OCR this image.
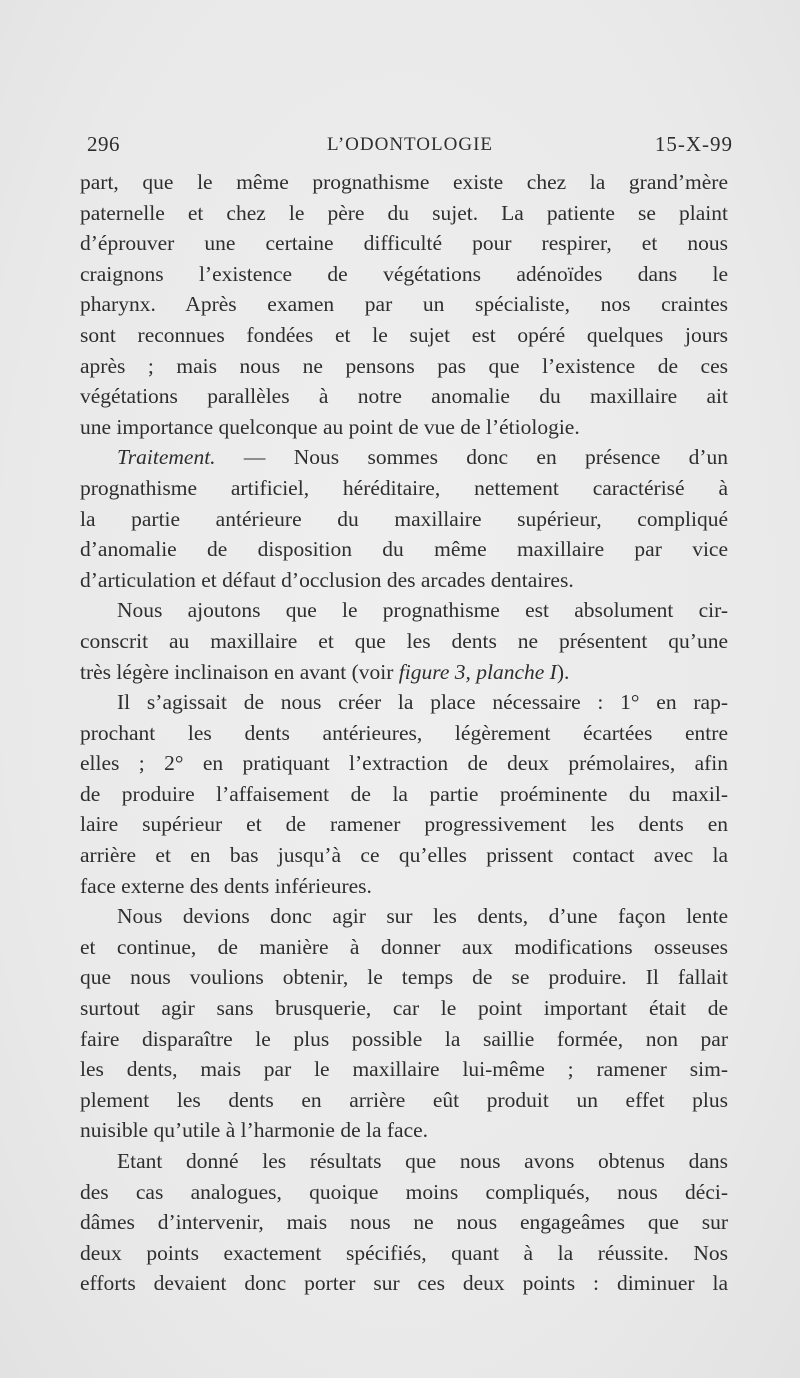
296	L’ODONTOLOGIE	15-X-99
part, que le même prognathisme existe chez la grand’mère
paternelle et chez le père du sujet. La patiente se plaint
d’éprouver une certaine difficulté pour respirer, et nous
craignons l’existence de végétations adénoïdes dans le
pharynx. Après examen par un spécialiste, nos craintes
sont reconnues fondées et le sujet est opéré quelques jours
après ; mais nous ne pensons pas que l’existence de ces
végétations parallèles à notre anomalie du maxillaire ait
une importance quelconque au point de vue de l’étiologie.
Traitement. — Nous sommes donc en présence d’un
prognathisme artificiel, héréditaire, nettement caractérisé à
la partie antérieure du maxillaire supérieur, compliqué
d’anomalie de disposition du même maxillaire par vice
d’articulation et défaut d’occlusion des arcades dentaires.
Nous ajoutons que le prognathisme est absolument cir-
conscrit au maxillaire et que les dents ne présentent qu’une
très légère inclinaison en avant (voir figure 3, planche I).
Il s’agissait de nous créer la place nécessaire : 1° en rap-
prochant les dents antérieures, légèrement écartées entre
elles ; 2° en pratiquant l’extraction de deux prémolaires, afin
de produire l’affaisement de la partie proéminente du maxil-
laire supérieur et de ramener progressivement les dents en
arrière et en bas jusqu’à ce qu’elles prissent contact avec la
face externe des dents inférieures.
Nous devions donc agir sur les dents, d’une façon lente
et continue, de manière à donner aux modifications osseuses
que nous voulions obtenir, le temps de se produire. Il fallait
surtout agir sans brusquerie, car le point important était de
faire disparaître le plus possible la saillie formée, non par
les dents, mais par le maxillaire lui-même ; ramener sim-
plement les dents en arrière eût produit un effet plus
nuisible qu’utile à l’harmonie de la face.
Etant donné les résultats que nous avons obtenus dans
des cas analogues, quoique moins compliqués, nous déci-
dâmes d’intervenir, mais nous ne nous engageâmes que sur
deux points exactement spécifiés, quant à la réussite. Nos
efforts devaient donc porter sur ces deux points : diminuer la
